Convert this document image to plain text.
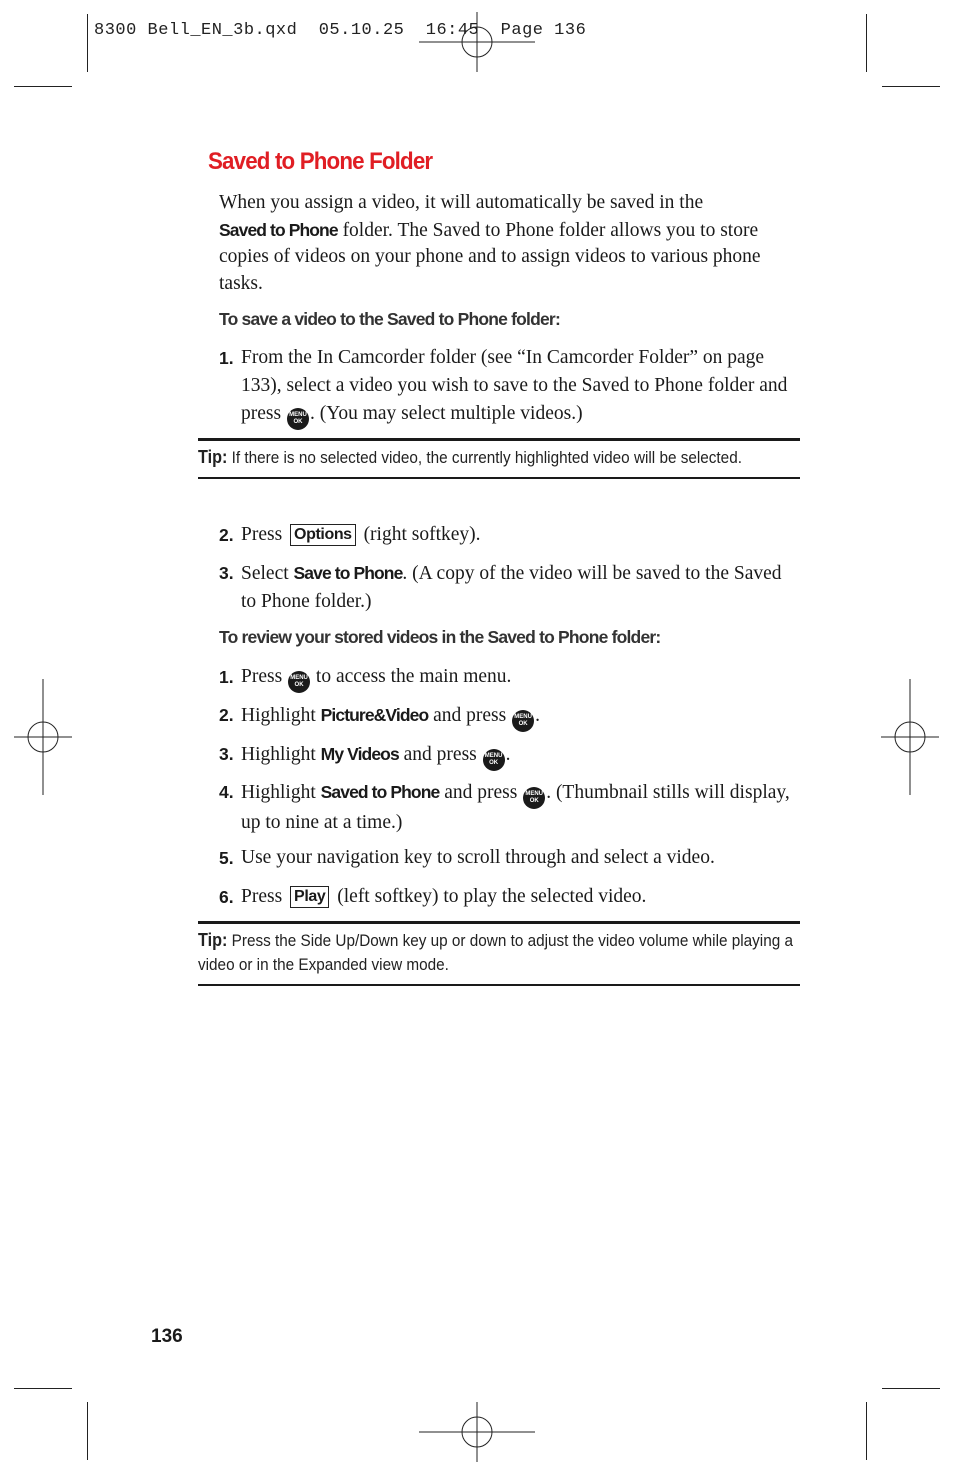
8300 Bell_EN_3b.qxd  05.10.25  16:45  Page 136
Saved to Phone Folder
When you assign a video, it will automatically be saved in the
Saved to Phone folder. The Saved to Phone folder allows you to store copies of videos on your phone and to assign videos to various phone tasks.
To save a video to the Saved to Phone folder:
1. From the In Camcorder folder (see “In Camcorder Folder” on page 133), select a video you wish to save to the Saved to Phone folder and press MENU
OK . (You may select multiple videos.)
Tip: If there is no selected video, the currently highlighted video will be selected.
2. Press Options (right softkey).
3. Select Save to Phone. (A copy of the video will be saved to the Saved to Phone folder.)
To review your stored videos in the Saved to Phone folder:
1. Press MENU
OK to access the main menu.
2. Highlight Picture&Video and press MENU
OK .
3. Highlight My Videos and press MENU
OK .
4. Highlight Saved to Phone and press MENU
OK . (Thumbnail stills will display, up to nine at a time.)
5. Use your navigation key to scroll through and select a video.
6. Press Play (left softkey) to play the selected video.
Tip: Press the Side Up/Down key up or down to adjust the video volume while playing a video or in the Expanded view mode.
136
